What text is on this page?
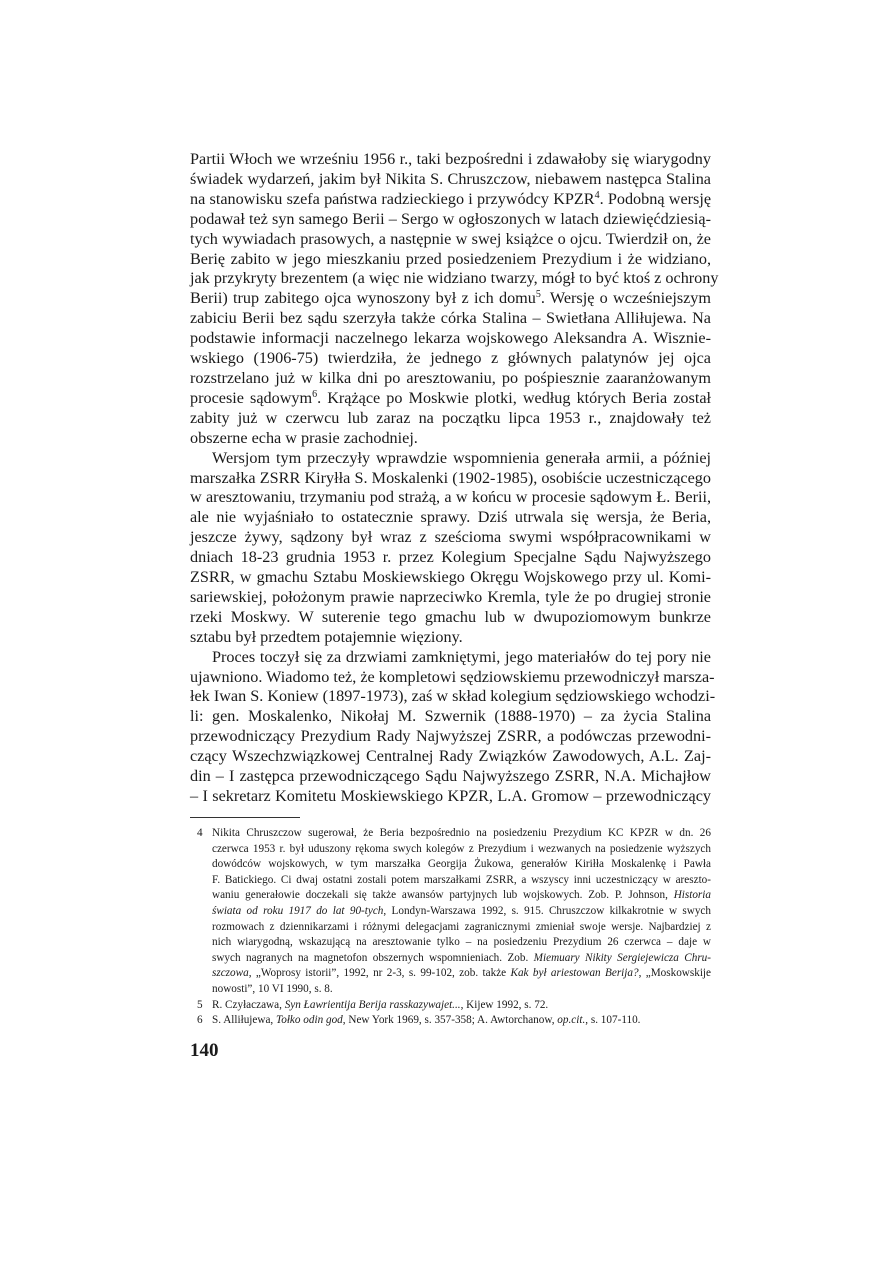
Partii Włoch we wrześniu 1956 r., taki bezpośredni i zdawałoby się wiarygodny
świadek wydarzeń, jakim był Nikita S. Chruszczow, niebawem następca Stalina
na stanowisku szefa państwa radzieckiego i przywódcy KPZR$^4$. Podobną wersję
podawał też syn samego Berii – Sergo w ogłoszonych w latach dziewięćdziesią-
tych wywiadach prasowych, a następnie w swej książce o ojcu. Twierdził on, że
Berię zabito w jego mieszkaniu przed posiedzeniem Prezydium i że widziano,
jak przykryty brezentem (a więc nie widziano twarzy, mógł to być ktoś z ochrony
Berii) trup zabitego ojca wynoszony był z ich domu$^5$. Wersję o wcześniejszym
zabiciu Berii bez sądu szerzyła także córka Stalina – Swietłana Alliłujewa. Na
podstawie informacji naczelnego lekarza wojskowego Aleksandra A. Wisznie-
wskiego (1906-75) twierdziła, że jednego z głównych palatynów jej ojca
rozstrzelano już w kilka dni po aresztowaniu, po pośpiesznie zaaranżowanym
procesie sądowym$^6$. Krążące po Moskwie plotki, według których Beria został
zabity już w czerwcu lub zaraz na początku lipca 1953 r., znajdowały też
obszerne echa w prasie zachodniej.
Wersjom tym przeczyły wprawdzie wspomnienia generała armii, a później
marszałka ZSRR Kiryłła S. Moskalenki (1902-1985), osobiście uczestniczącego
w aresztowaniu, trzymaniu pod strażą, a w końcu w procesie sądowym Ł. Berii,
ale nie wyjaśniało to ostatecznie sprawy. Dziś utrwala się wersja, że Beria,
jeszcze żywy, sądzony był wraz z sześcioma swymi współpracownikami w
dniach 18-23 grudnia 1953 r. przez Kolegium Specjalne Sądu Najwyższego
ZSRR, w gmachu Sztabu Moskiewskiego Okręgu Wojskowego przy ul. Komi-
sariewskiej, położonym prawie naprzeciwko Kremla, tyle że po drugiej stronie
rzeki Moskwy. W suterenie tego gmachu lub w dwupoziomowym bunkrze
sztabu był przedtem potajemnie więziony.
Proces toczył się za drzwiami zamkniętymi, jego materiałów do tej pory nie
ujawniono. Wiadomo też, że kompletowi sędziowskiemu przewodniczył marsza-
łek Iwan S. Koniew (1897-1973), zaś w skład kolegium sędziowskiego wchodzi-
li: gen. Moskalenko, Nikołaj M. Szwernik (1888-1970) – za życia Stalina
przewodniczący Prezydium Rady Najwyższej ZSRR, a podówczas przewodni-
czący Wszechzwiązkowej Centralnej Rady Związków Zawodowych, A.L. Zaj-
din – I zastępca przewodniczącego Sądu Najwyższego ZSRR, N.A. Michajłow
– I sekretarz Komitetu Moskiewskiego KPZR, L.A. Gromow – przewodniczący
4 Nikita Chruszczow sugerował, że Beria bezpośrednio na posiedzeniu Prezydium KC KPZR w dn. 26
czerwca 1953 r. był uduszony rękoma swych kolegów z Prezydium i wezwanych na posiedzenie wyższych
dowódców wojskowych, w tym marszałka Georgija Żukowa, generałów Kiriłła Moskalenkę i Pawła
F. Batickiego. Ci dwaj ostatni zostali potem marszałkami ZSRR, a wszyscy inni uczestniczący w areszto-
waniu generałowie doczekali się także awansów partyjnych lub wojskowych. Zob. P. Johnson, Historia
świata od roku 1917 do lat 90-tych, Londyn-Warszawa 1992, s. 915. Chruszczow kilkakrotnie w swych
rozmowach z dziennikarzami i różnymi delegacjami zagranicznymi zmieniał swoje wersje. Najbardziej z
nich wiarygodną, wskazującą na aresztowanie tylko – na posiedzeniu Prezydium 26 czerwca – daje w
swych nagranych na magnetofon obszernych wspomnieniach. Zob. Miemuary Nikity Sergiejewicza Chru-
szczowa, „Woprosy istorii”, 1992, nr 2-3, s. 99-102, zob. także Kak był ariestowan Berija?, „Moskowskije
nowosti”, 10 VI 1990, s. 8.
5 R. Czyłaczawa, Syn Ławrientija Berija rasskazywajet..., Kijew 1992, s. 72.
6 S. Alliłujewa, Tołko odin god, New York 1969, s. 357-358; A. Awtorchanow, op.cit., s. 107-110.
140
